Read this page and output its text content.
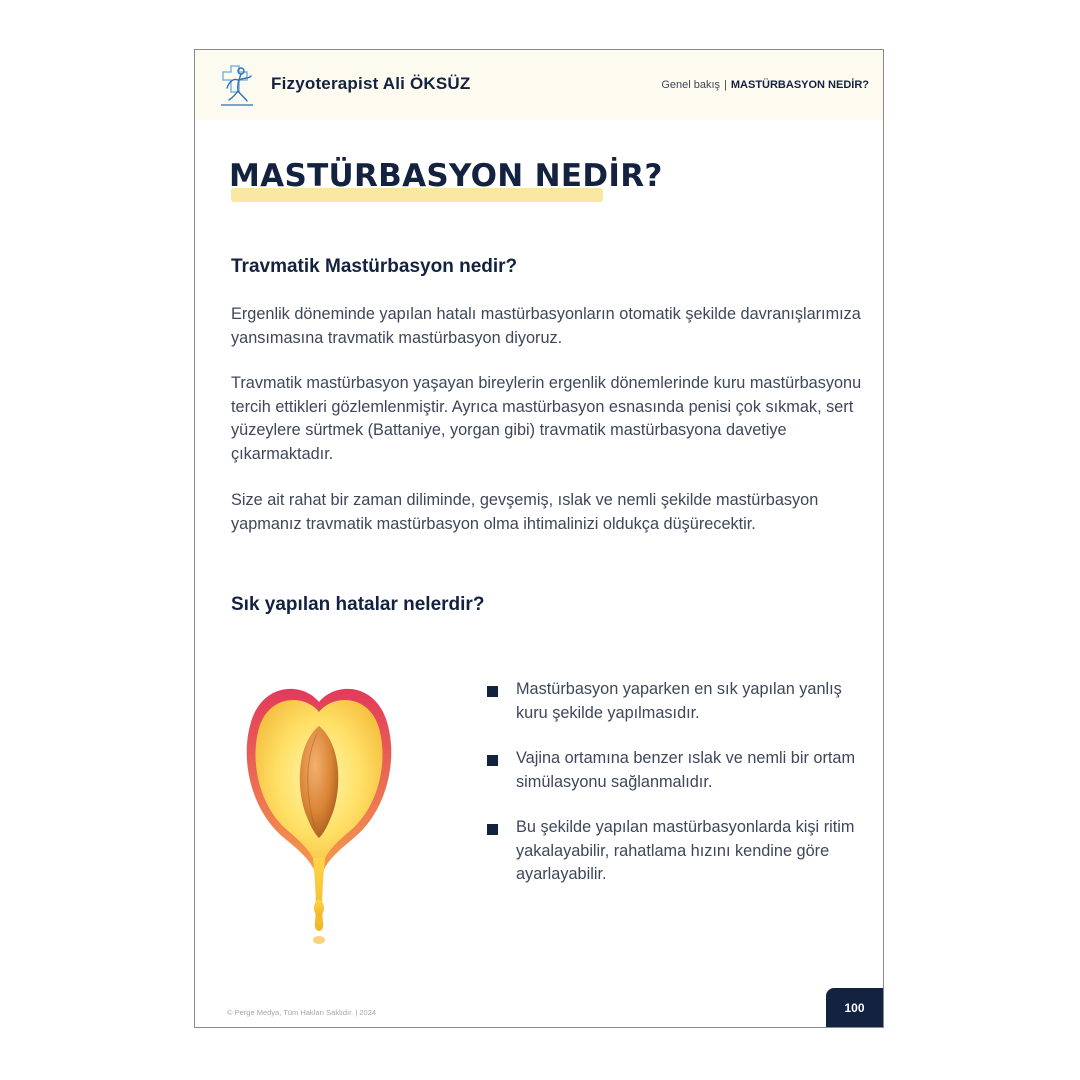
Fizyoterapist Ali ÖKSÜZ	Genel bakış | MASTÜRBASYON NEDİR?
MASTÜRBASYON NEDİR?
Travmatik Mastürbasyon nedir?

Ergenlik döneminde yapılan hatalı mastürbasyonların otomatik şekilde davranışlarımıza yansımasına travmatik mastürbasyon diyoruz.

Travmatik mastürbasyon yaşayan bireylerin ergenlik dönemlerinde kuru mastürbasyonu tercih ettikleri gözlemlenmiştir. Ayrıca mastürbasyon esnasında penisi çok sıkmak, sert yüzeylere sürtmek (Battaniye, yorgan gibi) travmatik mastürbasyona davetiye çıkarmaktadır.

Size ait rahat bir zaman diliminde, gevşemiş, ıslak ve nemli şekilde mastürbasyon yapmanız travmatik mastürbasyon olma ihtimalinizi oldukça düşürecektir.

Sık yapılan hatalar nelerdir?
Mastürbasyon yaparken en sık yapılan yanlış kuru şekilde yapılmasıdır.
Vajina ortamına benzer ıslak ve nemli bir ortam simülasyonu sağlanmalıdır.
Bu şekilde yapılan mastürbasyonlarda kişi ritim yakalayabilir, rahatlama hızını kendine göre ayarlayabilir.
© Perge Medya, Tüm Hakları Saklıdır. | 2024	100
